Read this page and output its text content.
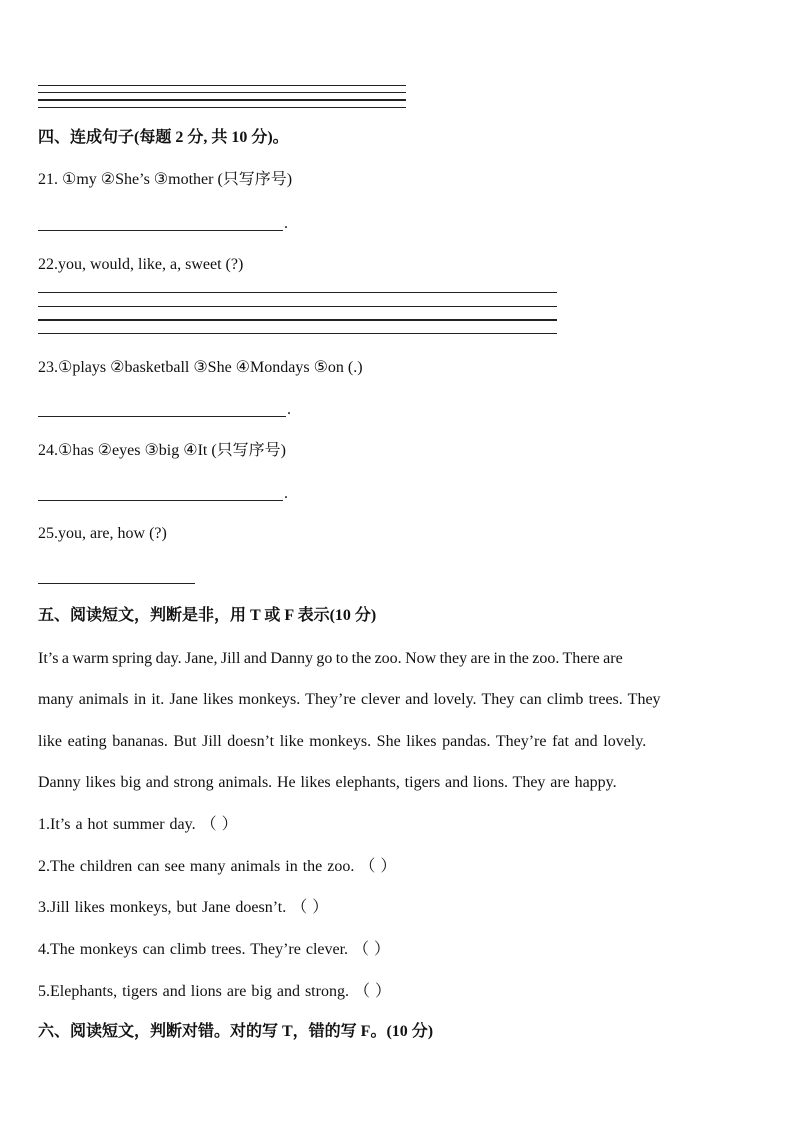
四、连成句子(每题 2 分, 共 10 分)。
21. ①my ②She’s ③mother (只写序号)
.
22.you, would, like, a, sweet (?)
23.①plays ②basketball ③She ④Mondays ⑤on (.)
.
24.①has ②eyes ③big ④It (只写序号)
.
25.you, are, how (?)
五、阅读短文，判断是非，用 T 或 F 表示(10 分)
It’s a warm spring day. Jane, Jill and Danny go to the zoo. Now they are in the zoo. There are
many animals in it. Jane likes monkeys. They’re clever and lovely. They can climb trees. They
like eating bananas. But Jill doesn’t like monkeys. She likes pandas. They’re fat and lovely.
Danny likes big and strong animals. He likes elephants, tigers and lions. They are happy.
1.It’s a hot summer day. （ ）
2.The children can see many animals in the zoo. （ ）
3.Jill likes monkeys, but Jane doesn’t. （ ）
4.The monkeys can climb trees. They’re clever. （ ）
5.Elephants, tigers and lions are big and strong. （ ）
六、阅读短文，判断对错。对的写 T，错的写 F。(10 分)
